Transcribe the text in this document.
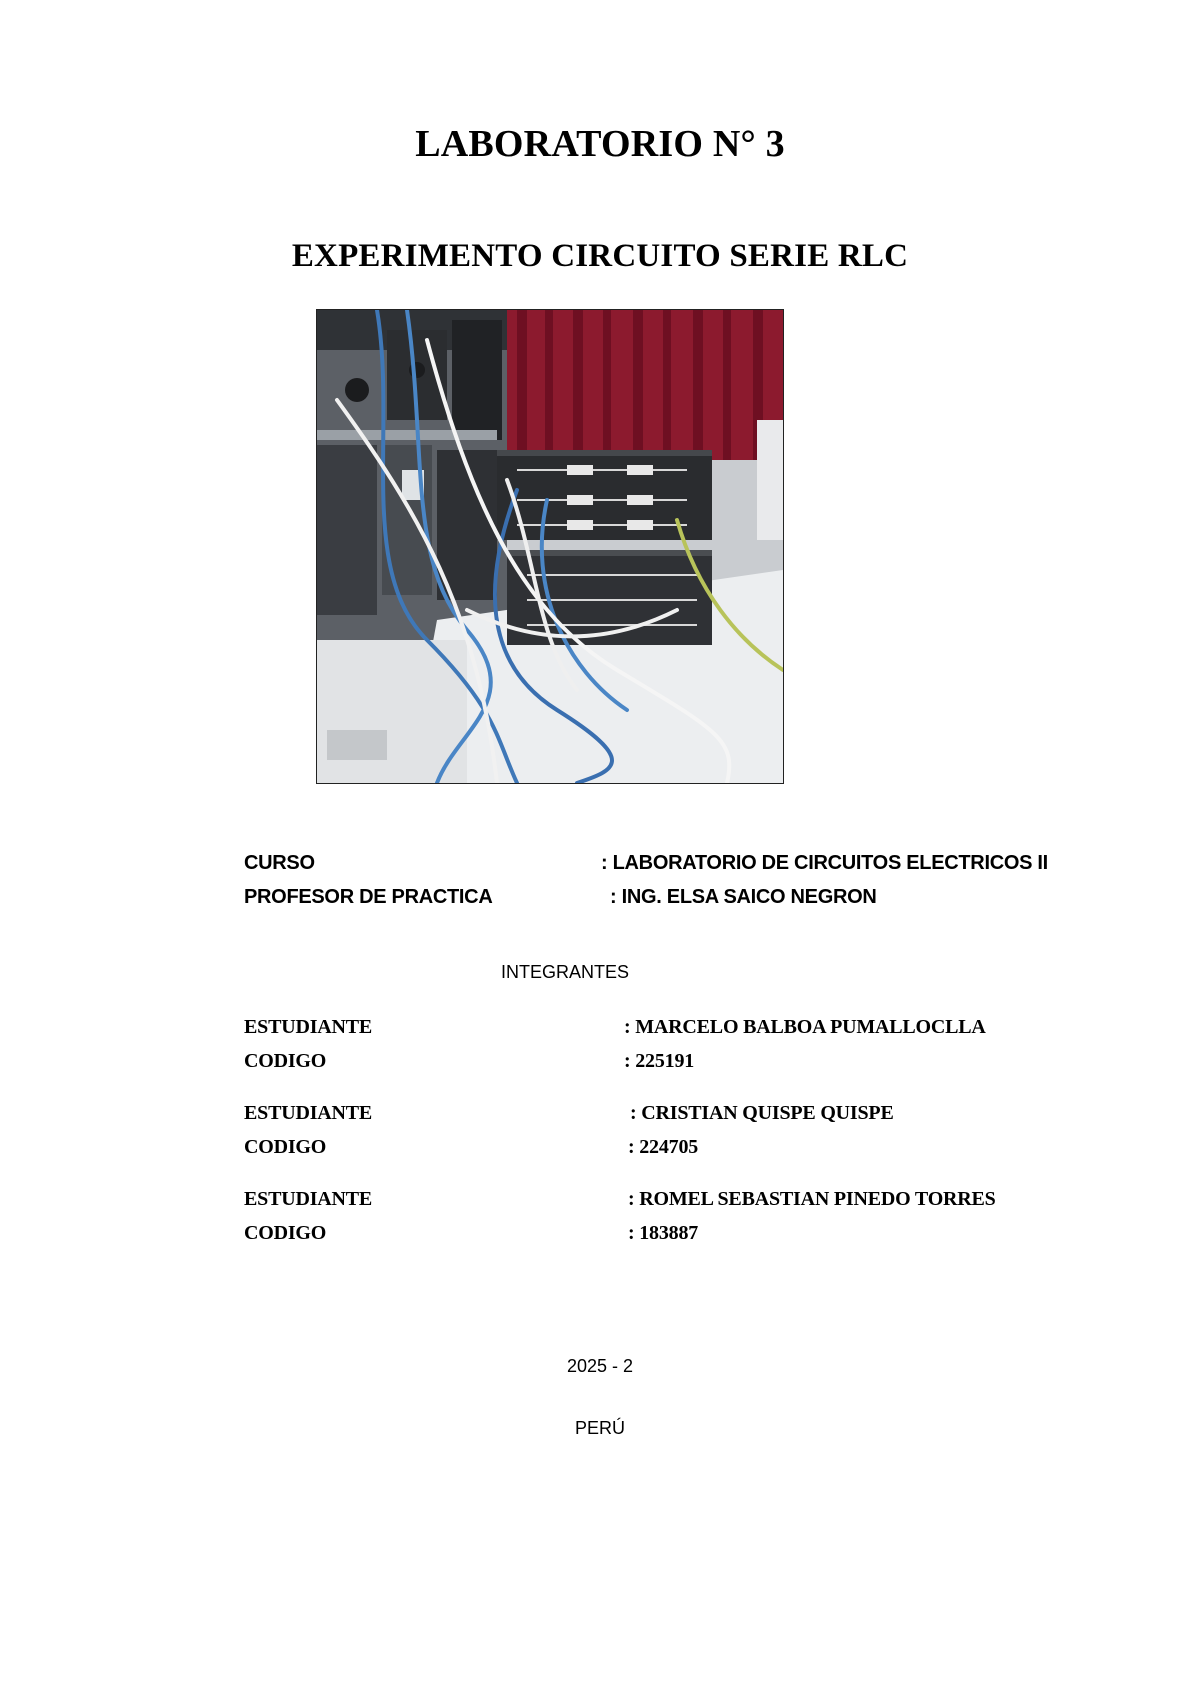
LABORATORIO N° 3
EXPERIMENTO CIRCUITO SERIE RLC
CURSO	: LABORATORIO DE CIRCUITOS ELECTRICOS II
PROFESOR DE PRACTICA	: ING. ELSA SAICO NEGRON
INTEGRANTES
ESTUDIANTE	: MARCELO BALBOA PUMALLOCLLA
CODIGO	: 225191
ESTUDIANTE	: CRISTIAN QUISPE QUISPE
CODIGO	: 224705
ESTUDIANTE	: ROMEL SEBASTIAN PINEDO TORRES
CODIGO	: 183887
2025 - 2
PERÚ
